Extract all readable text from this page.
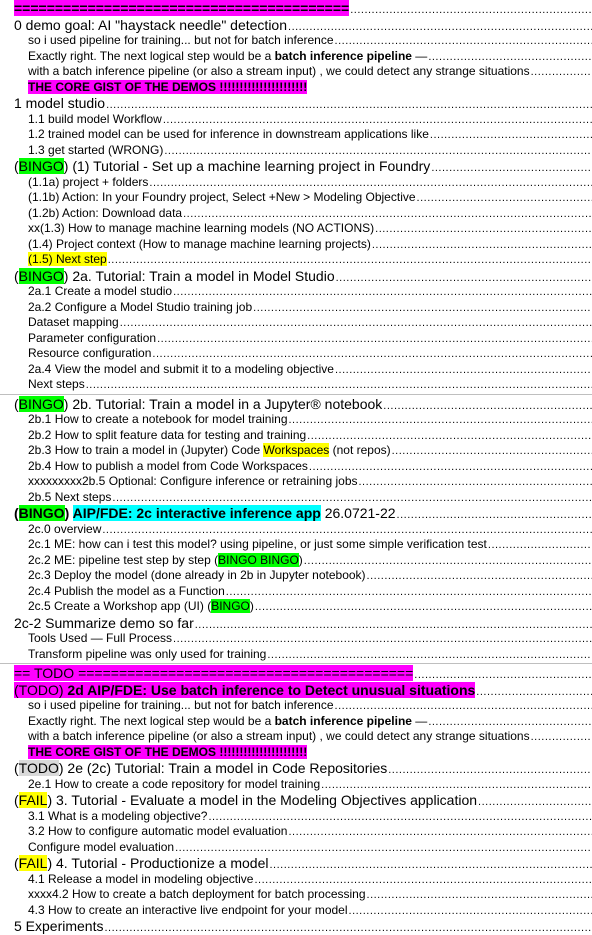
=========================================
.....
0 demo goal: AI "haystack needle" detection
.....
so i used pipeline for training... but not for batch inference
.....
Exactly right. The next logical step would be a batch inference pipeline —
.....
with a batch inference pipeline (or also a stream input) , we could detect any strange situations
.....
THE CORE GIST OF THE DEMOS !!!!!!!!!!!!!!!!!!!!!!
1 model studio
.....
1.1 build model Workflow
.....
1.2 trained model can be used for inference in downstream applications like
.....
1.3 get started (WRONG)
.....
(BINGO) (1) Tutorial - Set up a machine learning project in Foundry
.....
(1.1a) project + folders
.....
(1.1b) Action: In your Foundry project, Select +New > Modeling Objective
.....
(1.2b) Action: Download data
.....
xx(1.3) How to manage machine learning models (NO ACTIONS)
.....
(1.4) Project context (How to manage machine learning projects)
.....
(1.5) Next step
.....
(BINGO) 2a. Tutorial: Train a model in Model Studio
.....
2a.1 Create a model studio
.....
2a.2 Configure a Model Studio training job
.....
Dataset mapping
.....
Parameter configuration
.....
Resource configuration
.....
2a.4 View the model and submit it to a modeling objective
.....
Next steps
.....
(BINGO) 2b. Tutorial: Train a model in a Jupyter® notebook
.....
2b.1 How to create a notebook for model training
.....
2b.2 How to split feature data for testing and training
.....
2b.3 How to train a model in (Jupyter) Code Workspaces (not repos)
.....
2b.4 How to publish a model from Code Workspaces
.....
xxxxxxxxx2b.5 Optional: Configure inference or retraining jobs
.....
2b.5 Next steps
.....
(BINGO) AIP/FDE: 2c interactive inference app 26.0721-22
.....
2c.0 overview
.....
2c.1 ME: how can i test this model? using pipeline, or just some simple verification test
.....
2c.2 ME: pipeline test step by step (BINGO BINGO)
.....
2c.3 Deploy the model (done already in 2b in Jupyter notebook)
.....
2c.4 Publish the model as a Function
.....
2c.5 Create a Workshop app (UI) (BINGO)
.....
2c-2 Summarize demo so far
.....
Tools Used — Full Process
.....
Transform pipeline was only used for training
.....
== TODO =========================================
.....
(TODO) 2d AIP/FDE: Use batch inference to Detect unusual situations
.....
so i used pipeline for training... but not for batch inference
.....
Exactly right. The next logical step would be a batch inference pipeline —
.....
with a batch inference pipeline (or also a stream input) , we could detect any strange situations
.....
THE CORE GIST OF THE DEMOS !!!!!!!!!!!!!!!!!!!!!!
(TODO) 2e (2c) Tutorial: Train a model in Code Repositories
.....
2e.1 How to create a code repository for model training
.....
(FAIL) 3. Tutorial - Evaluate a model in the Modeling Objectives application
.....
3.1 What is a modeling objective?
.....
3.2 How to configure automatic model evaluation
.....
Configure model evaluation
.....
(FAIL) 4. Tutorial - Productionize a model
.....
4.1 Release a model in modeling objective
.....
xxxx4.2 How to create a batch deployment for batch processing
.....
4.3 How to create an interactive live endpoint for your model
.....
5 Experiments
.....
